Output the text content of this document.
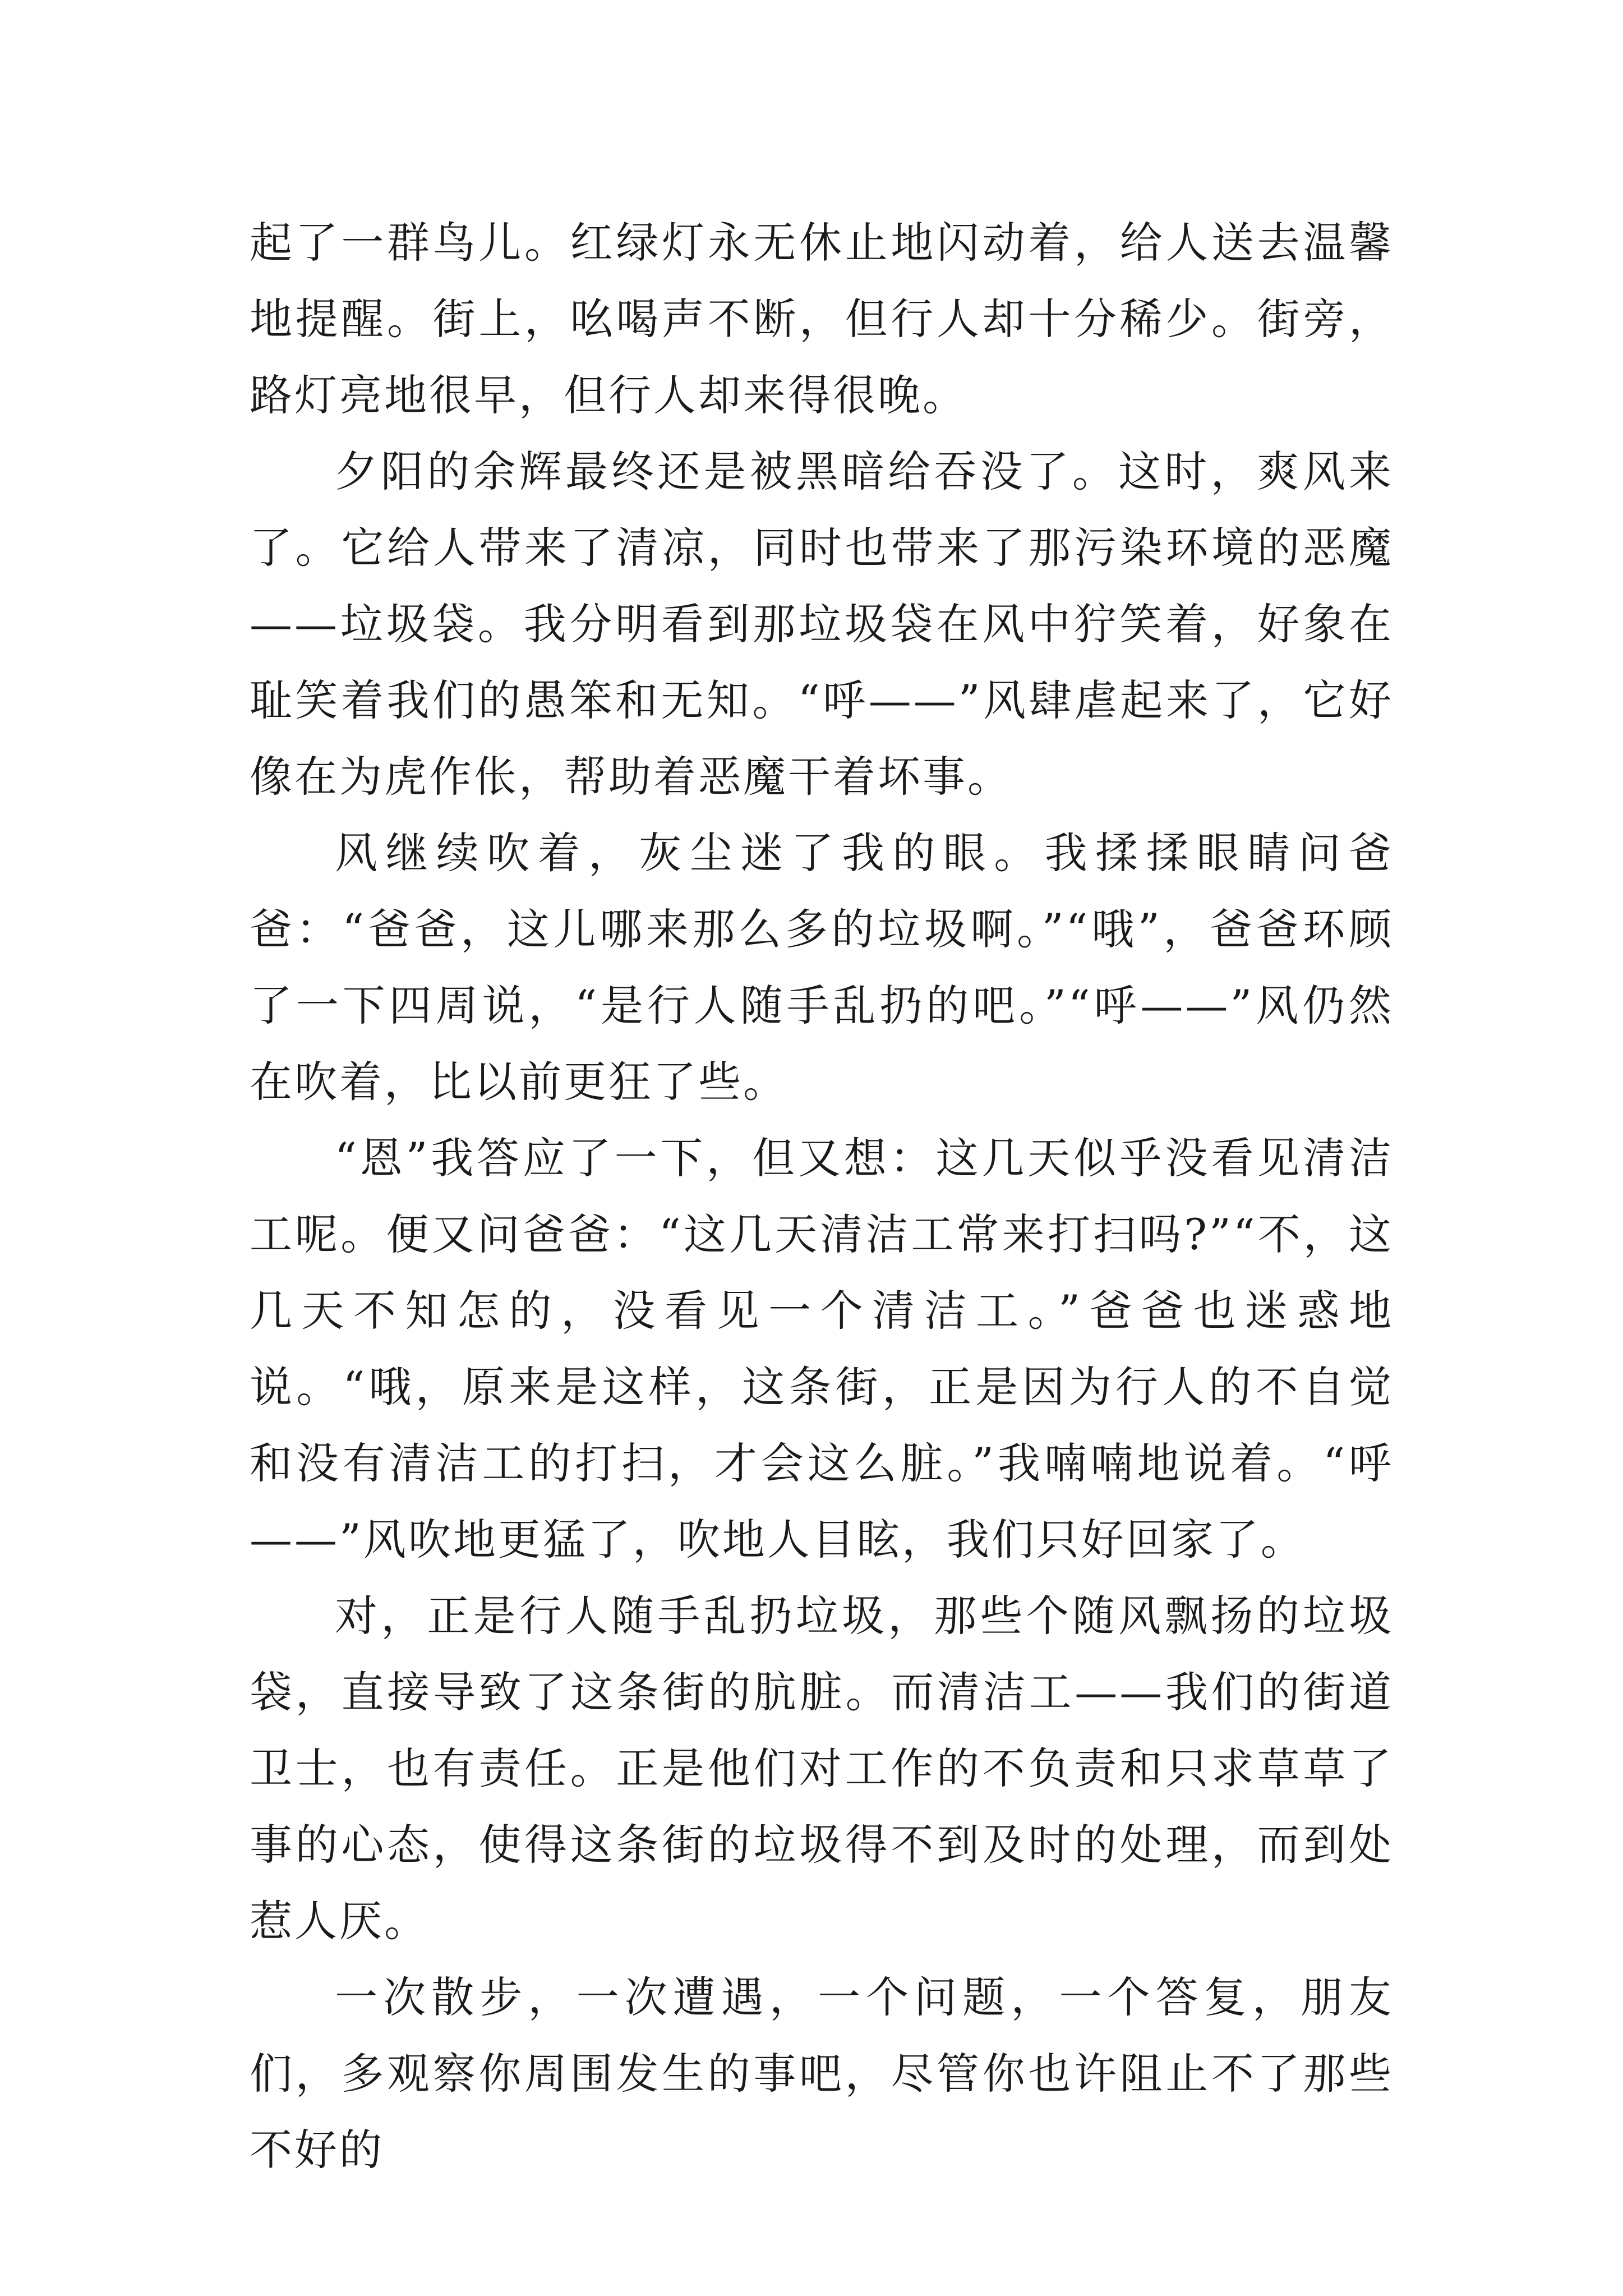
起了一群鸟儿。红绿灯永无休止地闪动着，给人送去温馨地提醒。街上，吆喝声不断，但行人却十分稀少。街旁，路灯亮地很早，但行人却来得很晚。

夕阳的余辉最终还是被黑暗给吞没了。这时，爽风来了。它给人带来了清凉，同时也带来了那污染环境的恶魔——垃圾袋。我分明看到那垃圾袋在风中狞笑着，好象在耻笑着我们的愚笨和无知。“呼——”风肆虐起来了，它好像在为虎作伥，帮助着恶魔干着坏事。

风继续吹着，灰尘迷了我的眼。我揉揉眼睛问爸爸：“爸爸，这儿哪来那么多的垃圾啊。”“哦”，爸爸环顾了一下四周说，“是行人随手乱扔的吧。”“呼——”风仍然在吹着，比以前更狂了些。

“恩”我答应了一下，但又想：这几天似乎没看见清洁工呢。便又问爸爸：“这几天清洁工常来打扫吗?”“不，这几天不知怎的，没看见一个清洁工。”爸爸也迷惑地说。“哦，原来是这样，这条街，正是因为行人的不自觉和没有清洁工的打扫，才会这么脏。”我喃喃地说着。“呼——”风吹地更猛了，吹地人目眩，我们只好回家了。

对，正是行人随手乱扔垃圾，那些个随风飘扬的垃圾袋，直接导致了这条街的肮脏。而清洁工——我们的街道卫士，也有责任。正是他们对工作的不负责和只求草草了事的心态，使得这条街的垃圾得不到及时的处理，而到处惹人厌。

一次散步，一次遭遇，一个问题，一个答复，朋友们，多观察你周围发生的事吧，尽管你也许阻止不了那些不好的
